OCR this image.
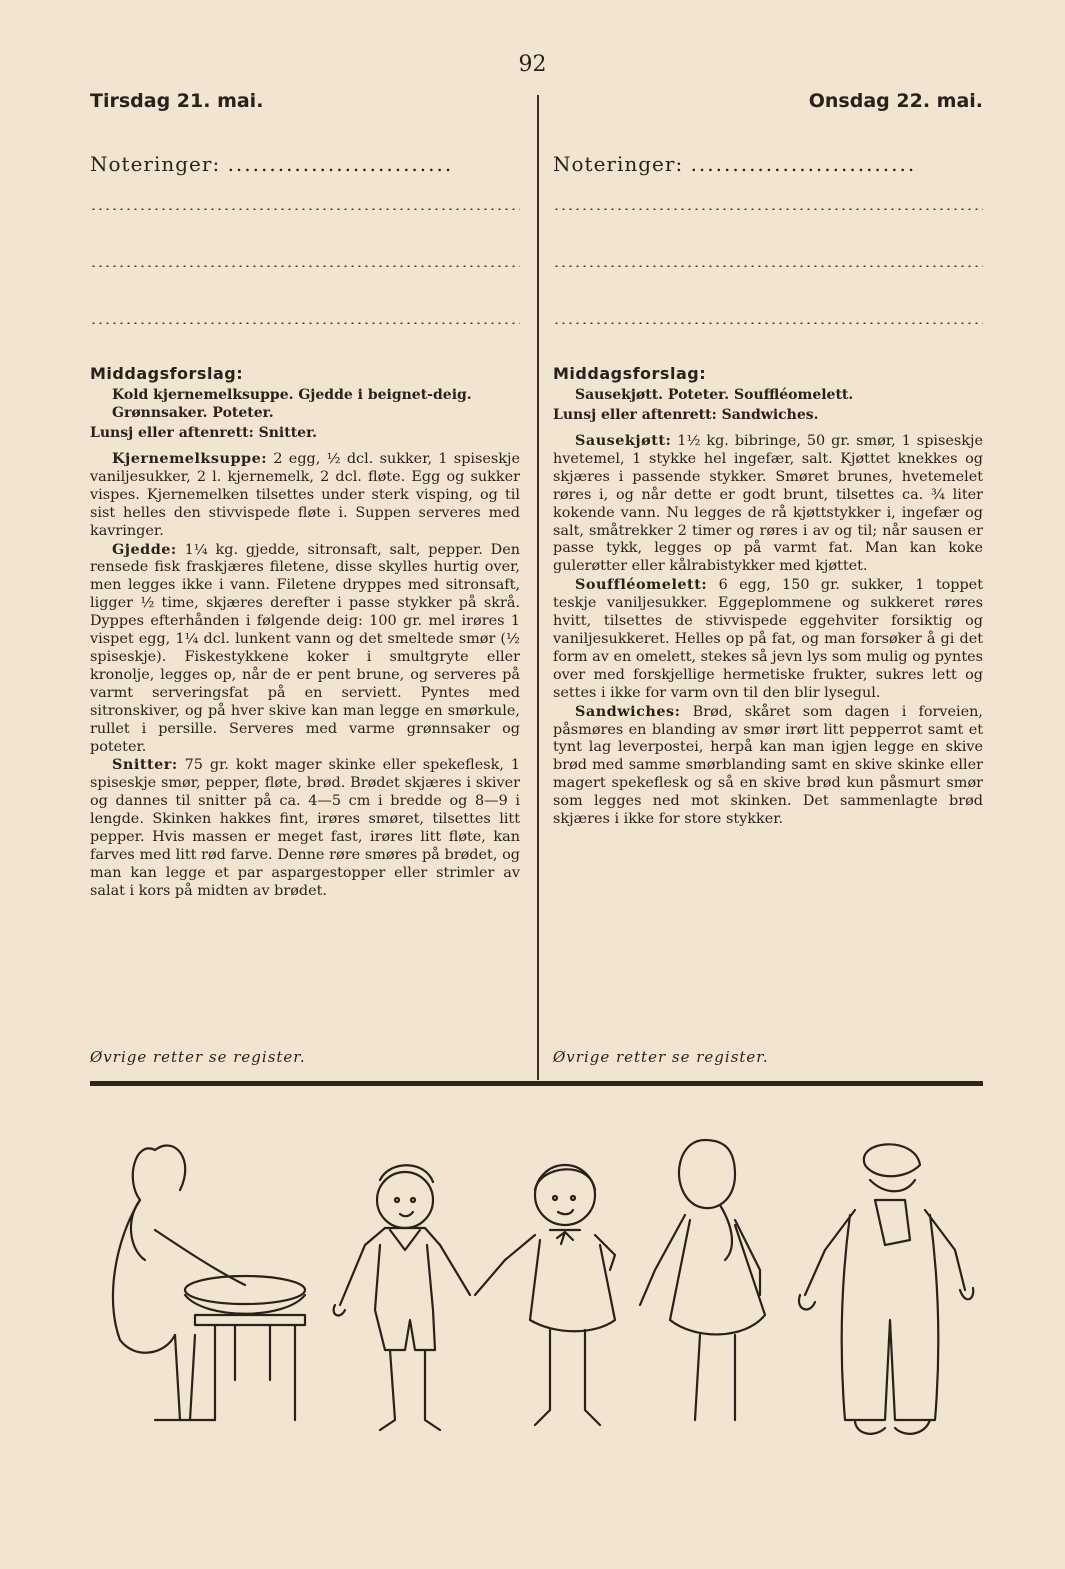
92
Tirsdag 21. mai.
Noteringer: ...........................
Middagsforslag:
Kold kjernemelksuppe. Gjedde i beignet-deig. Grønnsaker. Poteter.
Lunsj eller aftenrett: Snitter.

Kjernemelksuppe: 2 egg, ½ dcl. sukker, 1 spiseskje vaniljesukker, 2 l. kjernemelk, 2 dcl. fløte. Egg og sukker vispes. Kjernemelken tilsettes under sterk visping, og til sist helles den stivvispede fløte i. Suppen serveres med kavringer.

Gjedde: 1¼ kg. gjedde, sitronsaft, salt, pepper. Den rensede fisk fraskjæres filetene, disse skylles hurtig over, men legges ikke i vann. Filetene dryppes med sitronsaft, ligger ½ time, skjæres derefter i passe stykker på skrå. Dyppes efterhånden i følgende deig: 100 gr. mel irøres 1 vispet egg, 1¼ dcl. lunkent vann og det smeltede smør (½ spiseskje). Fiskestykkene koker i smultgryte eller kronolje, legges op, når de er pent brune, og serveres på varmt serveringsfat på en serviett. Pyntes med sitronskiver, og på hver skive kan man legge en smørkule, rullet i persille. Serveres med varme grønnsaker og poteter.

Snitter: 75 gr. kokt mager skinke eller spekeflesk, 1 spiseskje smør, pepper, fløte, brød. Brødet skjæres i skiver og dannes til snitter på ca. 4—5 cm i bredde og 8—9 i lengde. Skinken hakkes fint, irøres smøret, tilsettes litt pepper. Hvis massen er meget fast, irøres litt fløte, kan farves med litt rød farve. Denne røre smøres på brødet, og man kan legge et par aspargestopper eller strimler av salat i kors på midten av brødet.

Øvrige retter se register.
Onsdag 22. mai.
Noteringer: ...........................
Middagsforslag:
Sausekjøtt. Poteter. Souffléomelett.
Lunsj eller aftenrett: Sandwiches.

Sausekjøtt: 1½ kg. bibringe, 50 gr. smør, 1 spiseskje hvetemel, 1 stykke hel ingefær, salt. Kjøttet knekkes og skjæres i passende stykker. Smøret brunes, hvetemelet røres i, og når dette er godt brunt, tilsettes ca. ¾ liter kokende vann. Nu legges de rå kjøttstykker i, ingefær og salt, småtrekker 2 timer og røres i av og til; når sausen er passe tykk, legges op på varmt fat. Man kan koke gulerøtter eller kålrabistykker med kjøttet.

Souffléomelett: 6 egg, 150 gr. sukker, 1 toppet teskje vaniljesukker. Eggeplommene og sukkeret røres hvitt, tilsettes de stivvispede eggehviter forsiktig og vaniljesukkeret. Helles op på fat, og man forsøker å gi det form av en omelett, stekes så jevn lys som mulig og pyntes over med forskjellige hermetiske frukter, sukres lett og settes i ikke for varm ovn til den blir lysegul.

Sandwiches: Brød, skåret som dagen i forveien, påsmøres en blanding av smør irørt litt pepperrot samt et tynt lag leverpostei, herpå kan man igjen legge en skive brød med samme smørblanding samt en skive skinke eller magert spekeflesk og så en skive brød kun påsmurt smør som legges ned mot skinken. Det sammenlagte brød skjæres i ikke for store stykker.

Øvrige retter se register.
